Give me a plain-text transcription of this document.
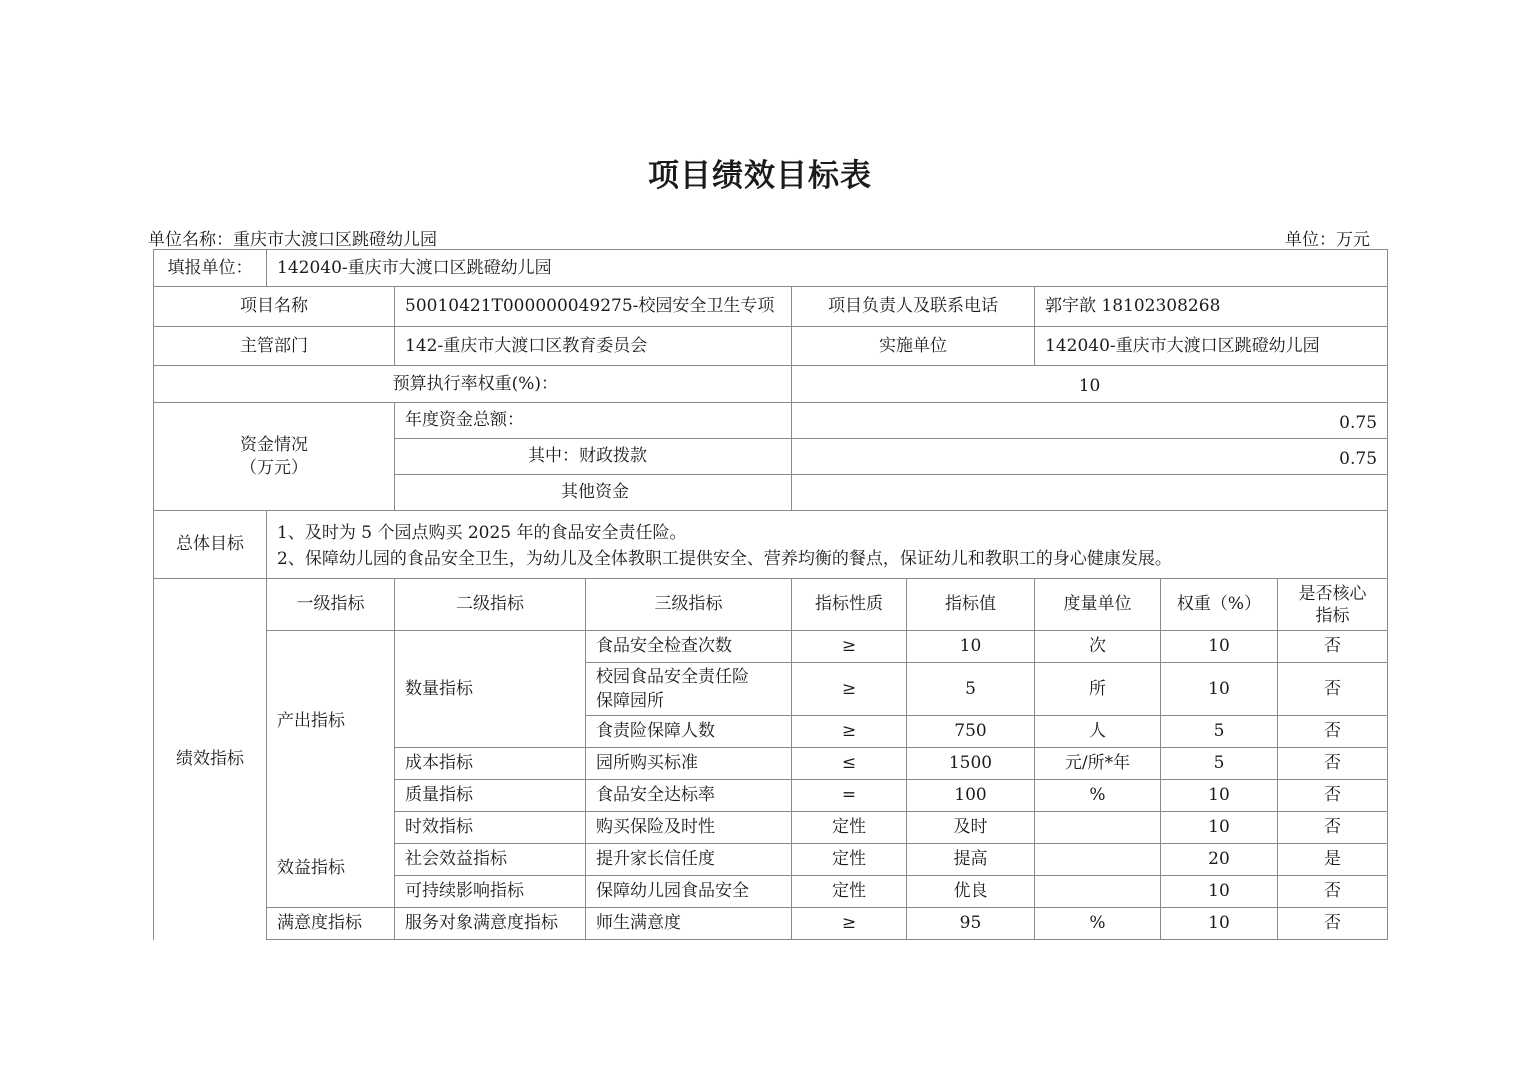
项目绩效目标表
单位名称：重庆市大渡口区跳磴幼儿园	单位：万元
填报单位：	142040-重庆市大渡口区跳磴幼儿园							
项目名称		50010421T000000049275-校园安全卫生专项		项目负责人及联系电话		郭宇歆 18102308268		
主管部门		142-重庆市大渡口区教育委员会		实施单位		142040-重庆市大渡口区跳磴幼儿园		
预算执行率权重(%)：				10				

资金情况
（万元）		年度资金总额：		0.75				
		其中：财政拨款		0.75				
		其他资金						
总体目标	1、及时为 5 个园点购买 2025 年的食品安全责任险。
2、保障幼儿园的食品安全卫生，为幼儿及全体教职工提供安全、营养均衡的餐点，保证幼儿和教职工的身心健康发展。							

绩效指标	一级指标	二级指标	三级指标	指标性质	指标值	度量单位	权重（%）	是否核心
指标

	产出指标	数量指标	食品安全检查次数	≥	10	次	10	否

			校园食品安全责任险
保障园所	≥	5	所	10	否
			食责险保障人数	≥	750	人	5	否
		成本指标	园所购买标准	≤	1500	元/所*年	5	否
		质量指标	食品安全达标率	=	100	%	10	否
	效益指标	时效指标	购买保险及时性	定性	及时		10	否
		社会效益指标	提升家长信任度	定性	提高		20	是
		可持续影响指标	保障幼儿园食品安全	定性	优良		10	否
	满意度指标	服务对象满意度指标	师生满意度	≥	95	%	10	否
